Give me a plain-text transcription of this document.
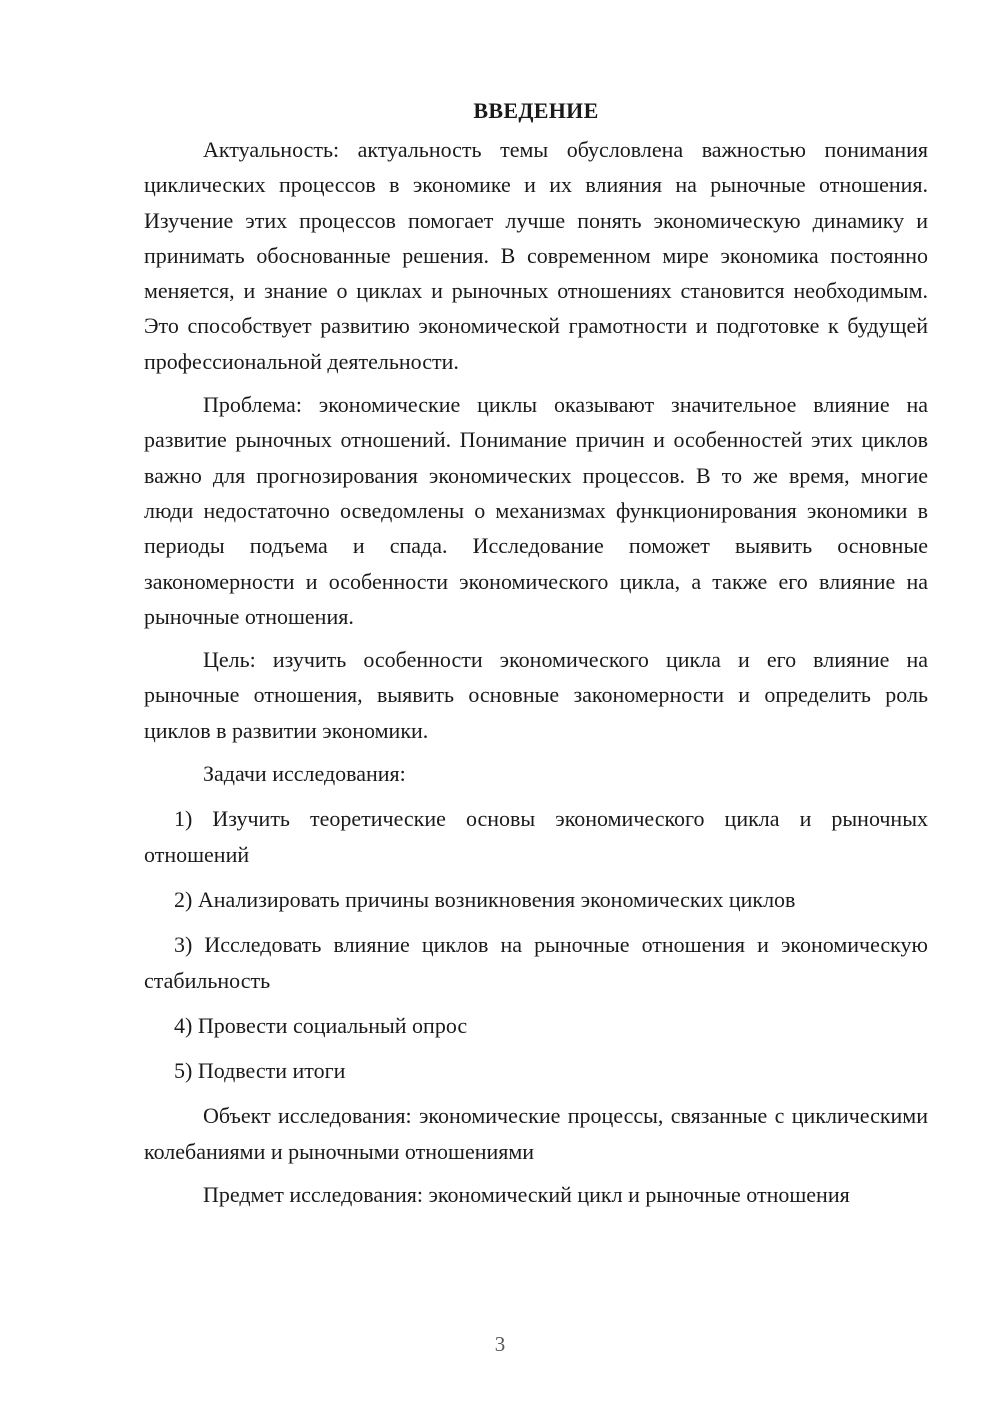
ВВЕДЕНИЕ

Актуальность: актуальность темы обусловлена важностью понимания циклических процессов в экономике и их влияния на рыночные отношения. Изучение этих процессов помогает лучше понять экономическую динамику и принимать обоснованные решения. В современном мире экономика постоянно меняется, и знание о циклах и рыночных отношениях становится необходимым. Это способствует развитию экономической грамотности и подготовке к будущей профессиональной деятельности.

Проблема: экономические циклы оказывают значительное влияние на развитие рыночных отношений. Понимание причин и особенностей этих циклов важно для прогнозирования экономических процессов. В то же время, многие люди недостаточно осведомлены о механизмах функционирования экономики в периоды подъема и спада. Исследование поможет выявить основные закономерности и особенности экономического цикла, а также его влияние на рыночные отношения.

Цель: изучить особенности экономического цикла и его влияние на рыночные отношения, выявить основные закономерности и определить роль циклов в развитии экономики.

Задачи исследования:

1) Изучить теоретические основы экономического цикла и рыночных отношений

2) Анализировать причины возникновения экономических циклов

3) Исследовать влияние циклов на рыночные отношения и экономическую стабильность

4) Провести социальный опрос

5) Подвести итоги

Объект исследования: экономические процессы, связанные с циклическими колебаниями и рыночными отношениями

Предмет исследования: экономический цикл и рыночные отношения

3
